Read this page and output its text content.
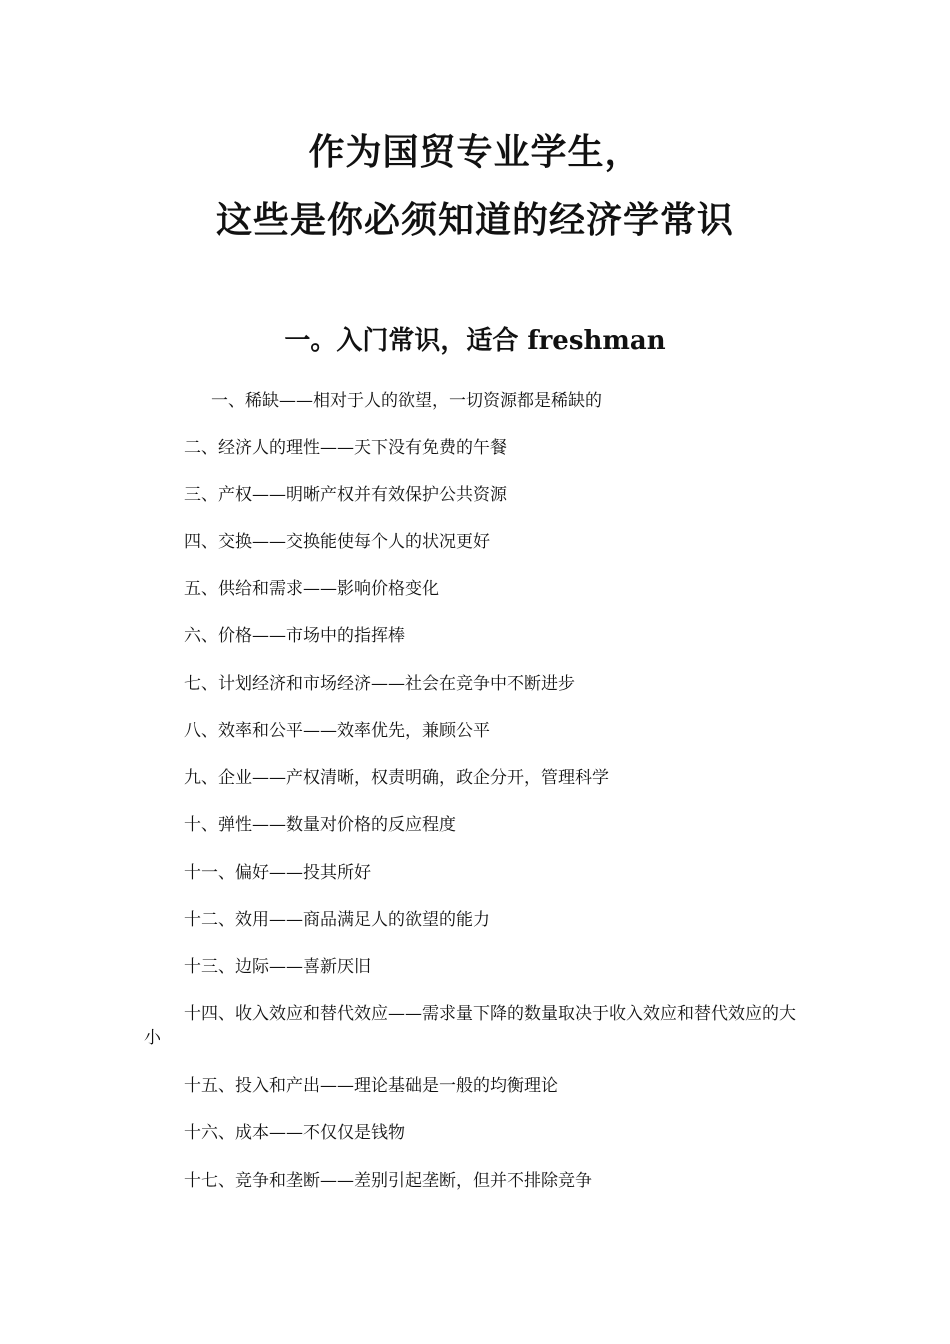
作为国贸专业学生，
这些是你必须知道的经济学常识
一。入门常识，适合 freshman
一、稀缺——相对于人的欲望，一切资源都是稀缺的
二、经济人的理性——天下没有免费的午餐
三、产权——明晰产权并有效保护公共资源
四、交换——交换能使每个人的状况更好
五、供给和需求——影响价格变化
六、价格——市场中的指挥棒
七、计划经济和市场经济——社会在竞争中不断进步
八、效率和公平——效率优先，兼顾公平
九、企业——产权清晰，权责明确，政企分开，管理科学
十、弹性——数量对价格的反应程度
十一、偏好——投其所好
十二、效用——商品满足人的欲望的能力
十三、边际——喜新厌旧
十四、收入效应和替代效应——需求量下降的数量取决于收入效应和替代效应的大小
十五、投入和产出——理论基础是一般的均衡理论
十六、成本——不仅仅是钱物
十七、竞争和垄断——差别引起垄断，但并不排除竞争
